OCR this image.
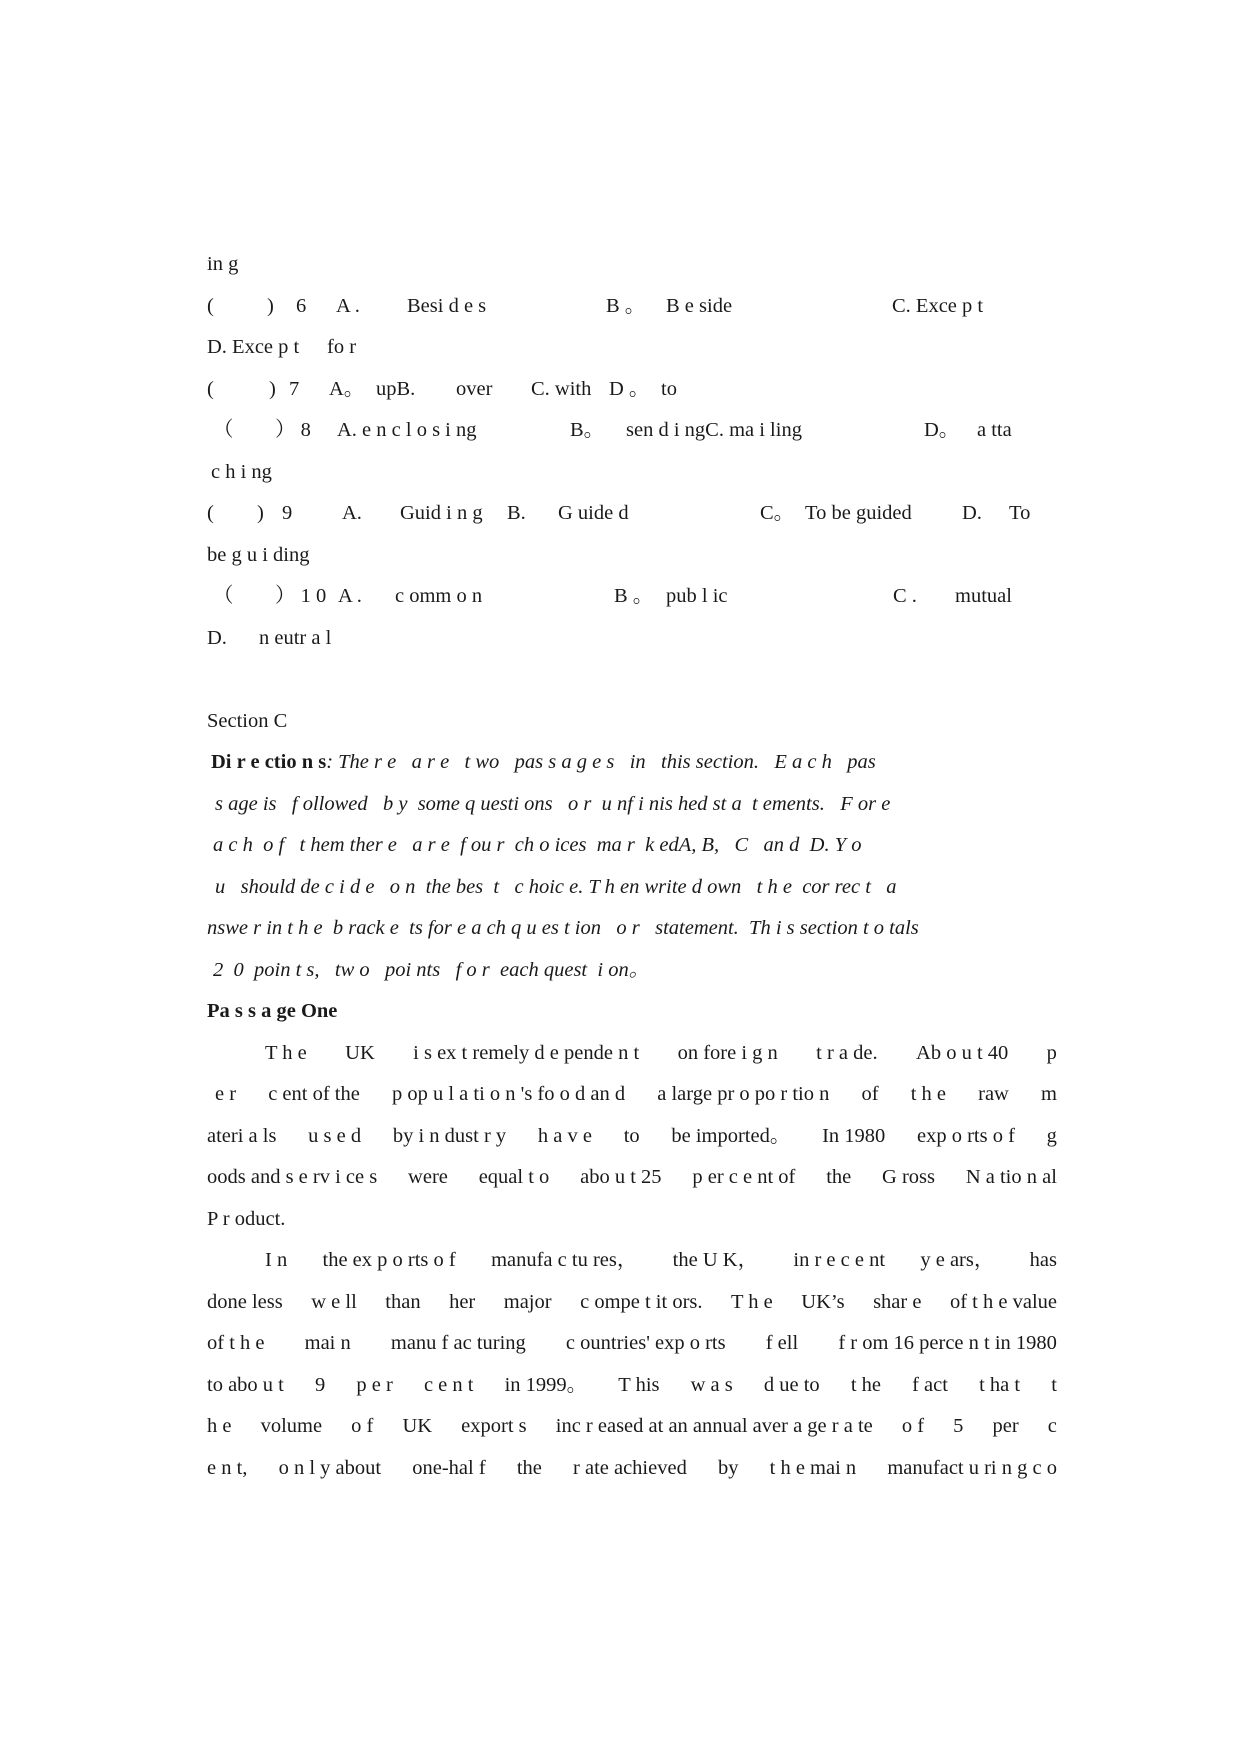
in g
(	)	6	A .	Besi d e s	B 。	B e side	C. Exce p t
D. Exce p t	fo r
(	) 7	A。 upB.	over	C. with D 。 to
（	） 8	A. e n c l o s i ng	B。	sen d i ngC. ma i ling	D。 a tta
c h i ng
(	) 9	A.	Guid i n g	B.	G uide d	C。 To be guided	D.	To
be g u i ding
（	） 1 0 A .	c omm o n	B 。 pub l ic	C .	mutual
D.	n eutr a l
Section C
Di r e ctio n s : The r e   a r e   t wo   pas s a g e s   in   this section.   E a c h   pas
s age is   f ollowed   b y  some q uesti ons   o r  u nf i nis hed st a  t ements.   F or e
a c h  o f   t hem ther e   a r e  f ou r  ch o ices  ma r  k edA, B,   C   an d  D. Y o
u   should de c i d e   o n  the bes  t   c hoic e. T h en write d own   t h e  cor rec t   a
nswe r in t h e  b rack e  ts for e a ch q u es t ion   o r   statement.  Th i s section t o tals
2  0  poin t s,   tw o   poi nts   f o r  each quest  i on。
Pa s s a ge One
T h e UK i s ex t remely d e pende n t on fore i g n t r a de. Ab o u t 40 p
e r c ent of the p op u l a ti o n 's fo o d an d a large pr o po r tio n of t h e raw m
ateri a ls u s e d by i n dust r y h a v e to be imported。 In 1980 exp o rts o f g
oods and s e rv i ce s were equal t o abo u t 25 p er c e nt of the G ross N a tio n al
P r oduct.
I n the ex p o rts o f manufa c tu res， the U K， in r e c e nt y e ars， has
done less w e ll than her major c ompe t it ors. T h e UK’s shar e of t h e value
of t h e mai n manu f ac turing c ountries' exp o rts f ell f r om 16 perce n t in 1980
to abo u t 9 p e r c e n t in 1999。 T his w a s d ue to t he f act t ha t t
h e volume o f UK export s inc r eased at an annual aver a ge r a te o f 5 per c
e n t, o n l y about one-hal f the r ate achieved by t h e mai n manufact u ri n g c o
